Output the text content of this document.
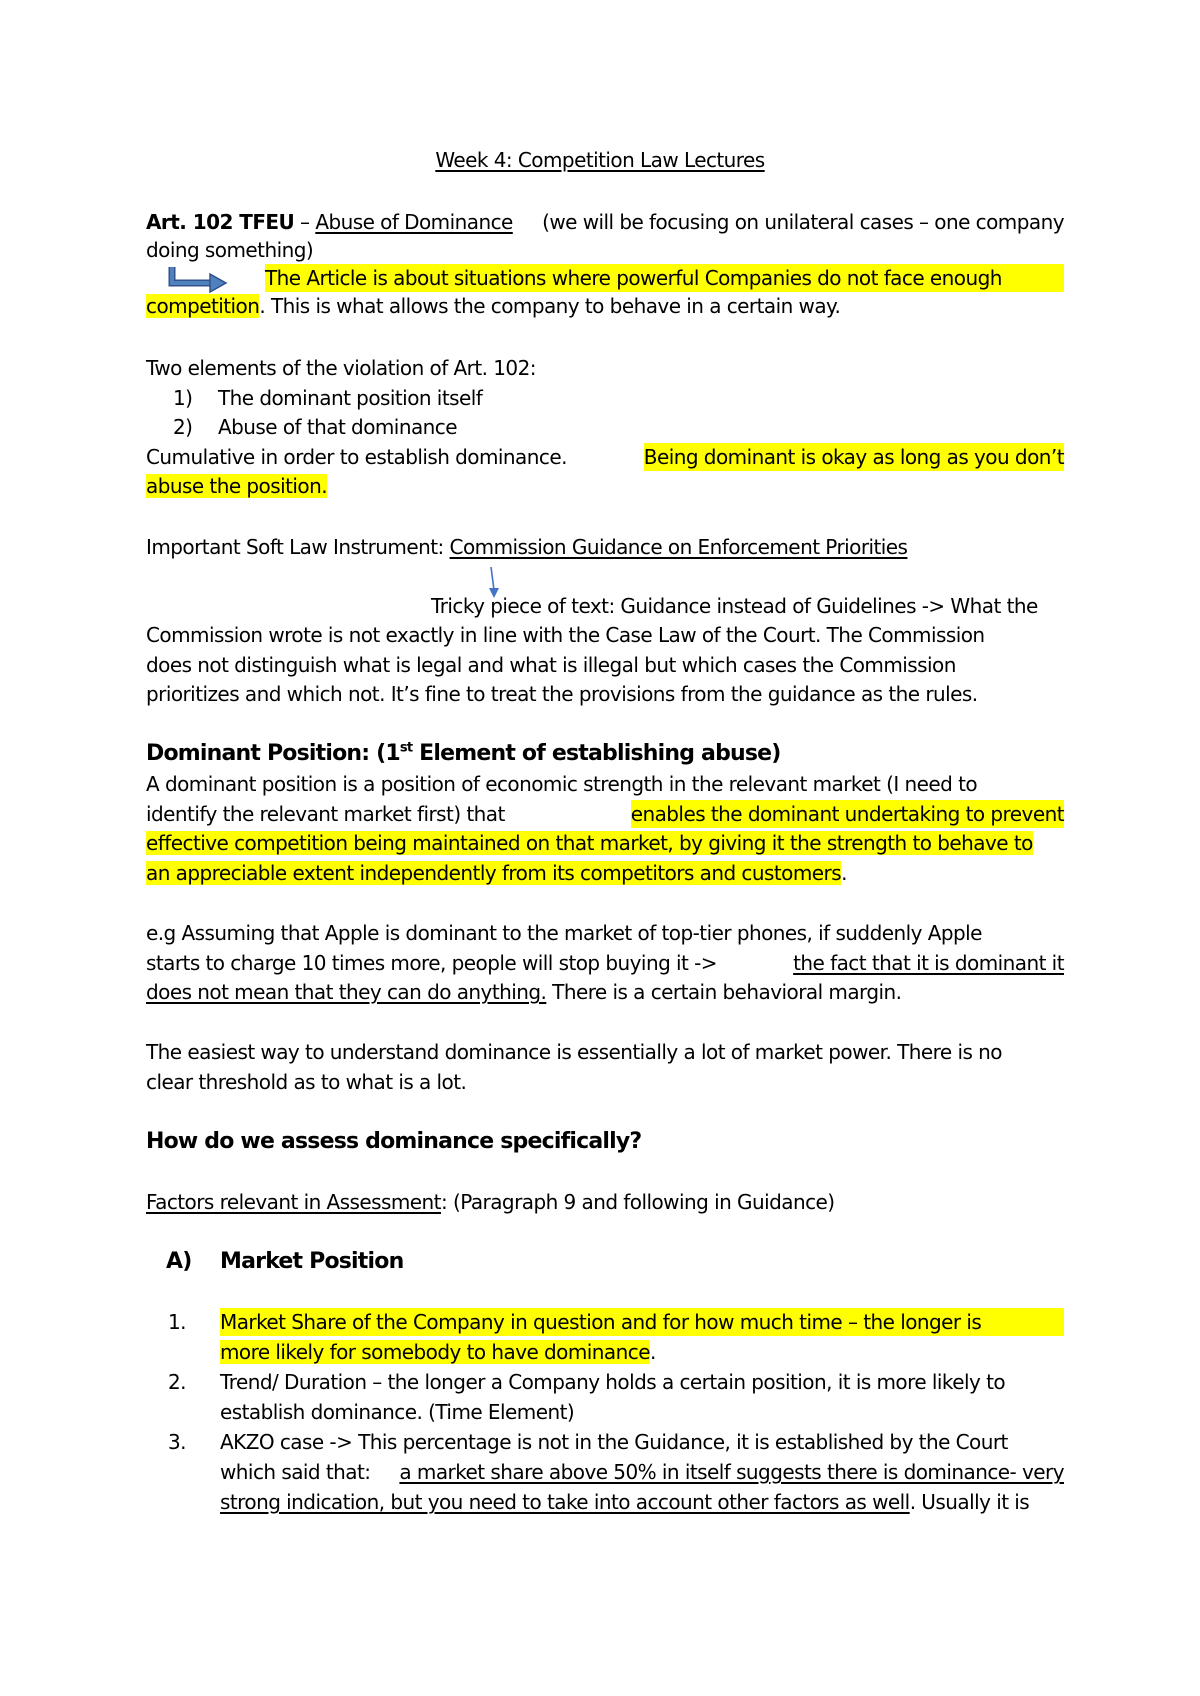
Week 4: Competition Law Lectures
Art. 102 TFEU – Abuse of Dominance (we will be focusing on unilateral cases – one company
doing something)
The Article is about situations where powerful Companies do not face enough
competition. This is what allows the company to behave in a certain way.
Two elements of the violation of Art. 102:
1)	The dominant position itself
2)	Abuse of that dominance
Cumulative in order to establish dominance.	Being dominant is okay as long as you don’t
abuse the position.
Important Soft Law Instrument: Commission Guidance on Enforcement Priorities
Tricky piece of text: Guidance instead of Guidelines -> What the
Commission wrote is not exactly in line with the Case Law of the Court. The Commission
does not distinguish what is legal and what is illegal but which cases the Commission
prioritizes and which not. It’s fine to treat the provisions from the guidance as the rules.
Dominant Position: (1st Element of establishing abuse)
A dominant position is a position of economic strength in the relevant market (I need to
identify the relevant market first) that	enables the dominant undertaking to prevent
effective competition being maintained on that market, by giving it the strength to behave to
an appreciable extent independently from its competitors and customers.
e.g Assuming that Apple is dominant to the market of top-tier phones, if suddenly Apple
starts to charge 10 times more, people will stop buying it ->	the fact that it is dominant it
does not mean that they can do anything. There is a certain behavioral margin.
The easiest way to understand dominance is essentially a lot of market power. There is no
clear threshold as to what is a lot.
How do we assess dominance specifically?
Factors relevant in Assessment: (Paragraph 9 and following in Guidance)
A) Market Position
1.	Market Share of the Company in question and for how much time – the longer is
more likely for somebody to have dominance.
2.	Trend/ Duration – the longer a Company holds a certain position, it is more likely to
establish dominance. (Time Element)
3.	AKZO case -> This percentage is not in the Guidance, it is established by the Court
which said that: a market share above 50% in itself suggests there is dominance- very
strong indication, but you need to take into account other factors as well. Usually it is
